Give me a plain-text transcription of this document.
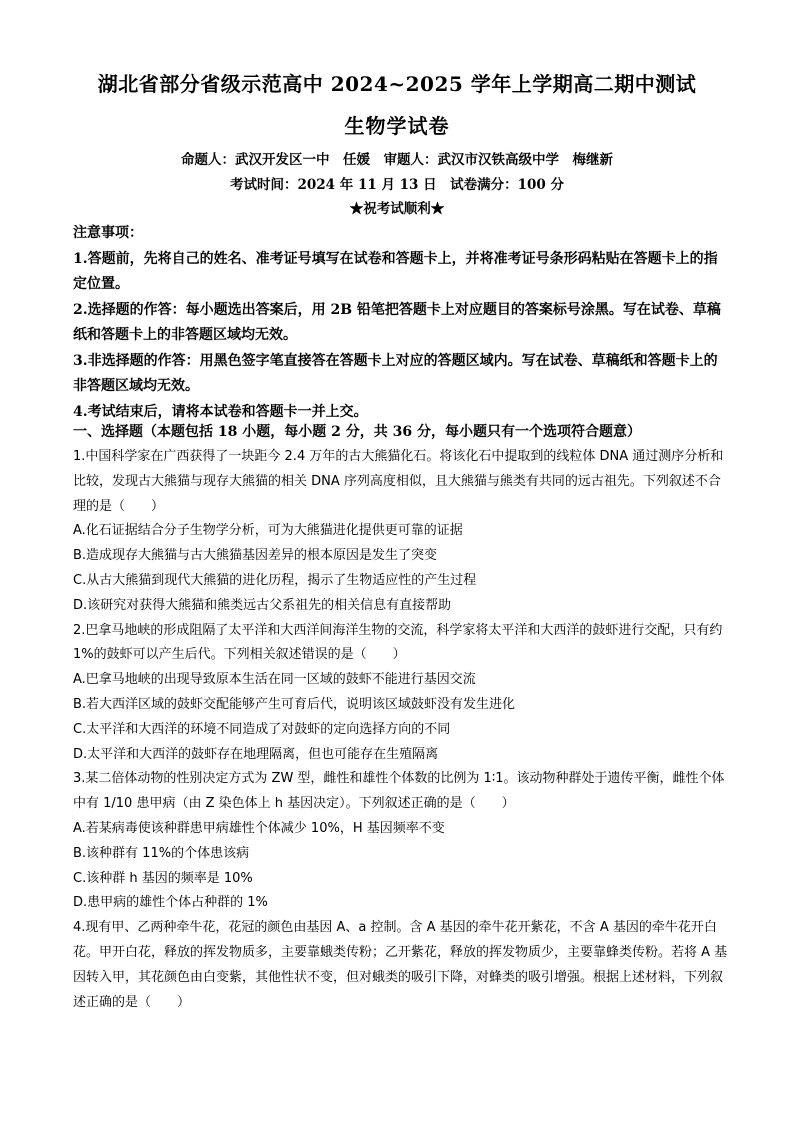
湖北省部分省级示范高中 2024~2025 学年上学期高二期中测试
生物学试卷
命题人：武汉开发区一中　任媛　审题人：武汉市汉铁高级中学　梅继新
考试时间：2024 年 11 月 13 日　试卷满分：100 分
★祝考试顺利★

注意事项：

1.答题前，先将自己的姓名、准考证号填写在试卷和答题卡上，并将准考证号条形码粘贴在答题卡上的指定位置。

2.选择题的作答：每小题选出答案后，用 2B 铅笔把答题卡上对应题目的答案标号涂黑。写在试卷、草稿纸和答题卡上的非答题区域均无效。

3.非选择题的作答：用黑色签字笔直接答在答题卡上对应的答题区域内。写在试卷、草稿纸和答题卡上的非答题区域均无效。

4.考试结束后，请将本试卷和答题卡一并上交。

一、选择题（本题包括 18 小题，每小题 2 分，共 36 分，每小题只有一个选项符合题意）

1.中国科学家在广西获得了一块距今 2.4 万年的古大熊猫化石。将该化石中提取到的线粒体 DNA 通过测序分析和比较，发现古大熊猫与现存大熊猫的相关 DNA 序列高度相似，且大熊猫与熊类有共同的远古祖先。下列叙述不合理的是（　　）

A.化石证据结合分子生物学分析，可为大熊猫进化提供更可靠的证据

B.造成现存大熊猫与古大熊猫基因差异的根本原因是发生了突变

C.从古大熊猫到现代大熊猫的进化历程，揭示了生物适应性的产生过程

D.该研究对获得大熊猫和熊类远古父系祖先的相关信息有直接帮助

2.巴拿马地峡的形成阻隔了太平洋和大西洋间海洋生物的交流，科学家将太平洋和大西洋的鼓虾进行交配，只有约 1%的鼓虾可以产生后代。下列相关叙述错误的是（　　）

A.巴拿马地峡的出现导致原本生活在同一区域的鼓虾不能进行基因交流

B.若大西洋区域的鼓虾交配能够产生可育后代，说明该区域鼓虾没有发生进化

C.太平洋和大西洋的环境不同造成了对鼓虾的定向选择方向的不同

D.太平洋和大西洋的鼓虾存在地理隔离，但也可能存在生殖隔离

3.某二倍体动物的性别决定方式为 ZW 型，雌性和雄性个体数的比例为 1∶1。该动物种群处于遗传平衡，雌性个体中有 1/10 患甲病（由 Z 染色体上 h 基因决定）。下列叙述正确的是（　　）

A.若某病毒使该种群患甲病雄性个体减少 10%，H 基因频率不变

B.该种群有 11%的个体患该病

C.该种群 h 基因的频率是 10%

D.患甲病的雄性个体占种群的 1%

4.现有甲、乙两种牵牛花，花冠的颜色由基因 A、a 控制。含 A 基因的牵牛花开紫花，不含 A 基因的牵牛花开白花。甲开白花，释放的挥发物质多，主要靠蛾类传粉；乙开紫花，释放的挥发物质少，主要靠蜂类传粉。若将 A 基因转入甲，其花颜色由白变紫，其他性状不变，但对蛾类的吸引下降，对蜂类的吸引增强。根据上述材料，下列叙述正确的是（　　）
